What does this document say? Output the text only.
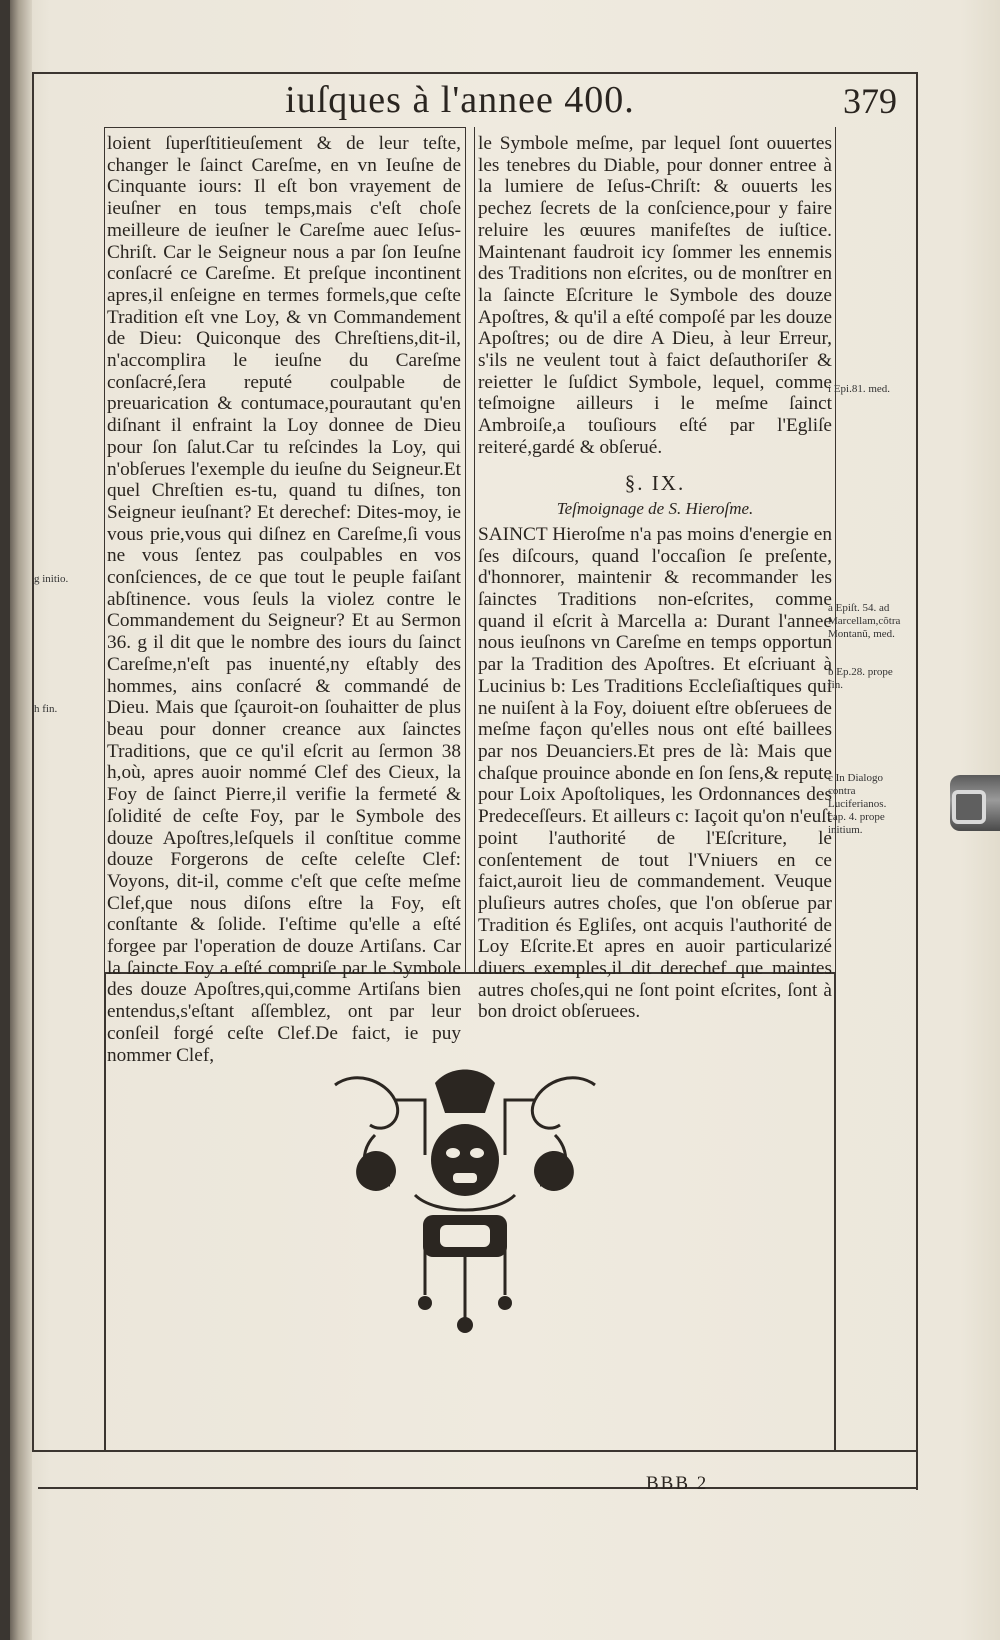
iuſques à l'annee 400.	379

loient ſuperſtitieuſement & de leur teſte, changer le ſainct Careſme, en vn Ieuſne de Cinquante iours: Il eſt bon vrayement de ieuſner en tous temps,mais c'eſt choſe meilleure de ieuſner le Careſme auec Ieſus-Chriſt. Car le Seigneur nous a par ſon Ieuſne conſacré ce Careſme. Et preſque incontinent apres,il enſeigne en termes formels,que ceſte Tradition eſt vne Loy, & vn Commandement de Dieu: Quiconque des Chreſtiens,dit-il, n'accomplira le ieuſne du Careſme conſacré,ſera reputé coulpable de preuarication & contumace,pourautant qu'en diſnant il enfraint la Loy donnee de Dieu pour ſon ſalut.Car tu reſcindes la Loy, qui n'obſerues l'exemple du ieuſne du Seigneur.Et quel Chreſtien es-tu, quand tu diſnes, ton Seigneur ieuſnant? Et derechef: Dites-moy, ie vous prie,vous qui diſnez en Careſme,ſi vous ne vous ſentez pas coulpables en vos conſciences, de ce que tout le peuple faiſant abſtinence. vous ſeuls la violez contre le Commandement du Seigneur? Et au Sermon 36. g il dit que le nombre des iours du ſainct Careſme,n'eſt pas inuenté,ny eſtably des hommes, ains conſacré & commandé de Dieu. Mais que ſçauroit-on ſouhaitter de plus beau pour donner creance aux ſainctes Traditions, que ce qu'il eſcrit au ſermon 38 h,où, apres auoir nommé Clef des Cieux, la Foy de ſainct Pierre,il verifie la fermeté & ſolidité de ceſte Foy, par le Symbole des douze Apoſtres,leſquels il conſtitue comme douze Forgerons de ceſte celeſte Clef: Voyons, dit-il, comme c'eſt que ceſte meſme Clef,que nous diſons eſtre la Foy, eſt conſtante & ſolide. I'eſtime qu'elle a eſté forgee par l'operation de douze Artiſans. Car la ſaincte Foy a eſté compriſe par le Symbole des douze Apoſtres,qui,comme Artiſans bien entendus,s'eſtant aſſemblez, ont par leur conſeil forgé ceſte Clef.De faict, ie puy nommer Clef,

le Symbole meſme, par lequel ſont ouuertes les tenebres du Diable, pour donner entree à la lumiere de Ieſus-Chriſt: & ouuerts les pechez ſecrets de la conſcience,pour y faire reluire les œuures manifeſtes de iuſtice. Maintenant faudroit icy ſommer les ennemis des Traditions non eſcrites, ou de monſtrer en la ſaincte Eſcriture le Symbole des douze Apoſtres, & qu'il a eſté compoſé par les douze Apoſtres; ou de dire A Dieu, à leur Erreur, s'ils ne veulent tout à faict deſauthoriſer & reietter le ſuſdict Symbole, lequel, comme teſmoigne ailleurs i le meſme ſainct Ambroiſe,a touſiours eſté par l'Egliſe reiteré,gardé & obſerué.

§. IX.
Teſmoignage de S. Hieroſme.

SAINCT Hieroſme n'a pas moins d'energie en ſes diſcours, quand l'occaſion ſe preſente, d'honnorer, maintenir & recommander les ſainctes Traditions non-eſcrites, comme quand il eſcrit à Marcella a: Durant l'annee nous ieuſnons vn Careſme en temps opportun par la Tradition des Apoſtres. Et eſcriuant à Lucinius b: Les Traditions Eccleſiaſtiques qui ne nuiſent à la Foy, doiuent eſtre obſeruees de meſme façon qu'elles nous ont eſté baillees par nos Deuanciers.Et pres de là: Mais que chaſque prouince abonde en ſon ſens,& repute pour Loix Apoſtoliques, les Ordonnances des Predeceſſeurs. Et ailleurs c: Iaçoit qu'on n'euſt point l'authorité de l'Eſcriture, le conſentement de tout l'Vniuers en ce faict,auroit lieu de commandement. Veuque pluſieurs autres choſes, que l'on obſerue par Tradition és Egliſes, ont acquis l'authorité de Loy Eſcrite.Et apres en auoir particularizé diuers exemples,il dit derechef que maintes autres choſes,qui ne ſont point eſcrites, ſont à bon droict obſeruees.

i Epi.81. med.
a Epiſt. 54. ad Marcellam,cõtra Montanũ, med.
b Ep.28. prope fin.
c In Dialogo contra Luciferianos. cap. 4. prope initium.
g initio.
h fin.
BBB 2
